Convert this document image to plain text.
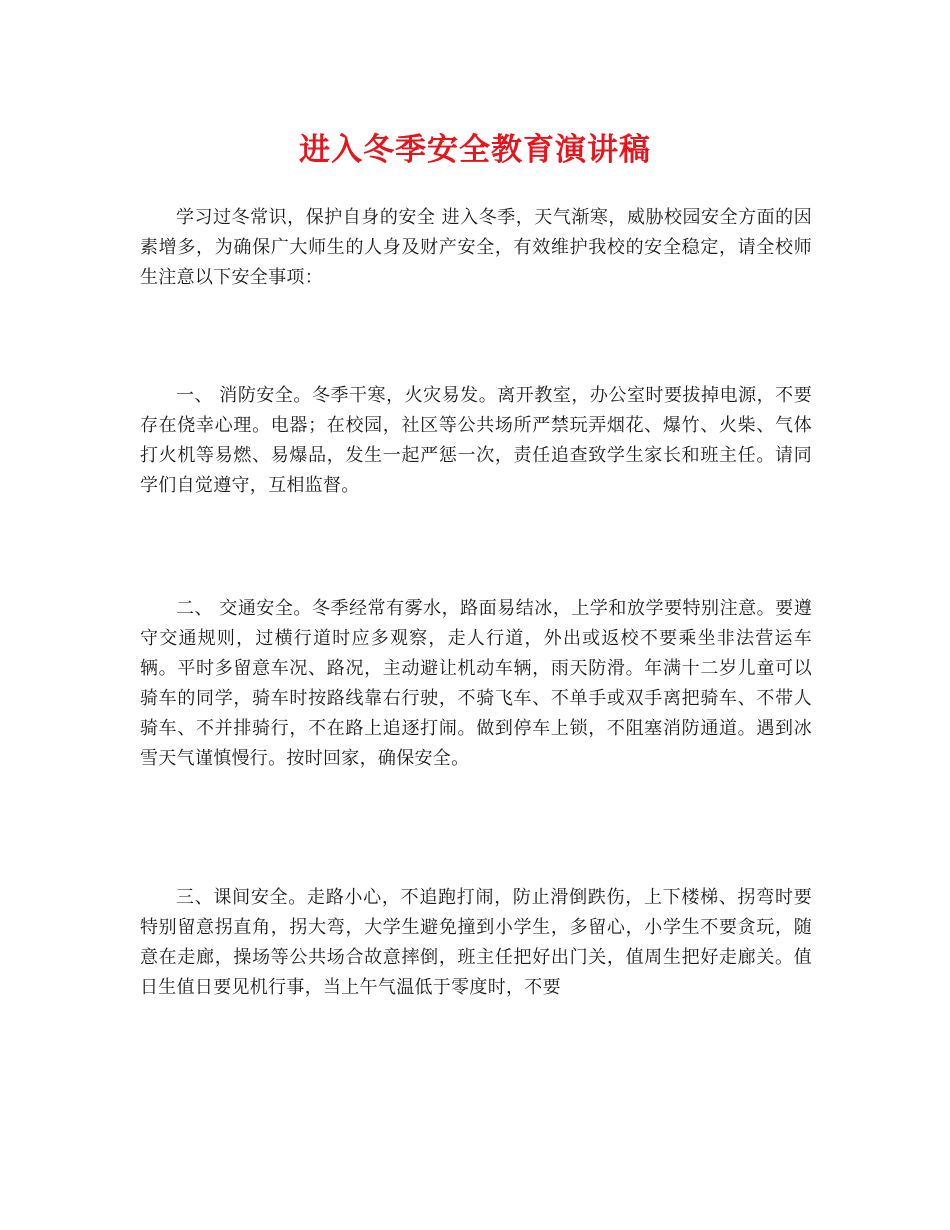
进入冬季安全教育演讲稿

学习过冬常识，保护自身的安全 进入冬季，天气渐寒，威胁校园安全方面的因素增多，为确保广大师生的人身及财产安全，有效维护我校的安全稳定，请全校师生注意以下安全事项：

一、 消防安全。冬季干寒，火灾易发。离开教室，办公室时要拔掉电源，不要存在侥幸心理。电器；在校园，社区等公共场所严禁玩弄烟花、爆竹、火柴、气体打火机等易燃、易爆品，发生一起严惩一次，责任追查致学生家长和班主任。请同学们自觉遵守，互相监督。

二、 交通安全。冬季经常有雾水，路面易结冰，上学和放学要特别注意。要遵守交通规则，过横行道时应多观察，走人行道，外出或返校不要乘坐非法营运车辆。平时多留意车况、路况，主动避让机动车辆，雨天防滑。年满十二岁儿童可以骑车的同学，骑车时按路线靠右行驶，不骑飞车、不单手或双手离把骑车、不带人骑车、不并排骑行，不在路上追逐打闹。做到停车上锁，不阻塞消防通道。遇到冰雪天气谨慎慢行。按时回家，确保安全。

三、课间安全。走路小心，不追跑打闹，防止滑倒跌伤，上下楼梯、拐弯时要特别留意拐直角，拐大弯，大学生避免撞到小学生，多留心，小学生不要贪玩，随意在走廊，操场等公共场合故意摔倒，班主任把好出门关，值周生把好走廊关。值日生值日要见机行事，当上午气温低于零度时，不要
